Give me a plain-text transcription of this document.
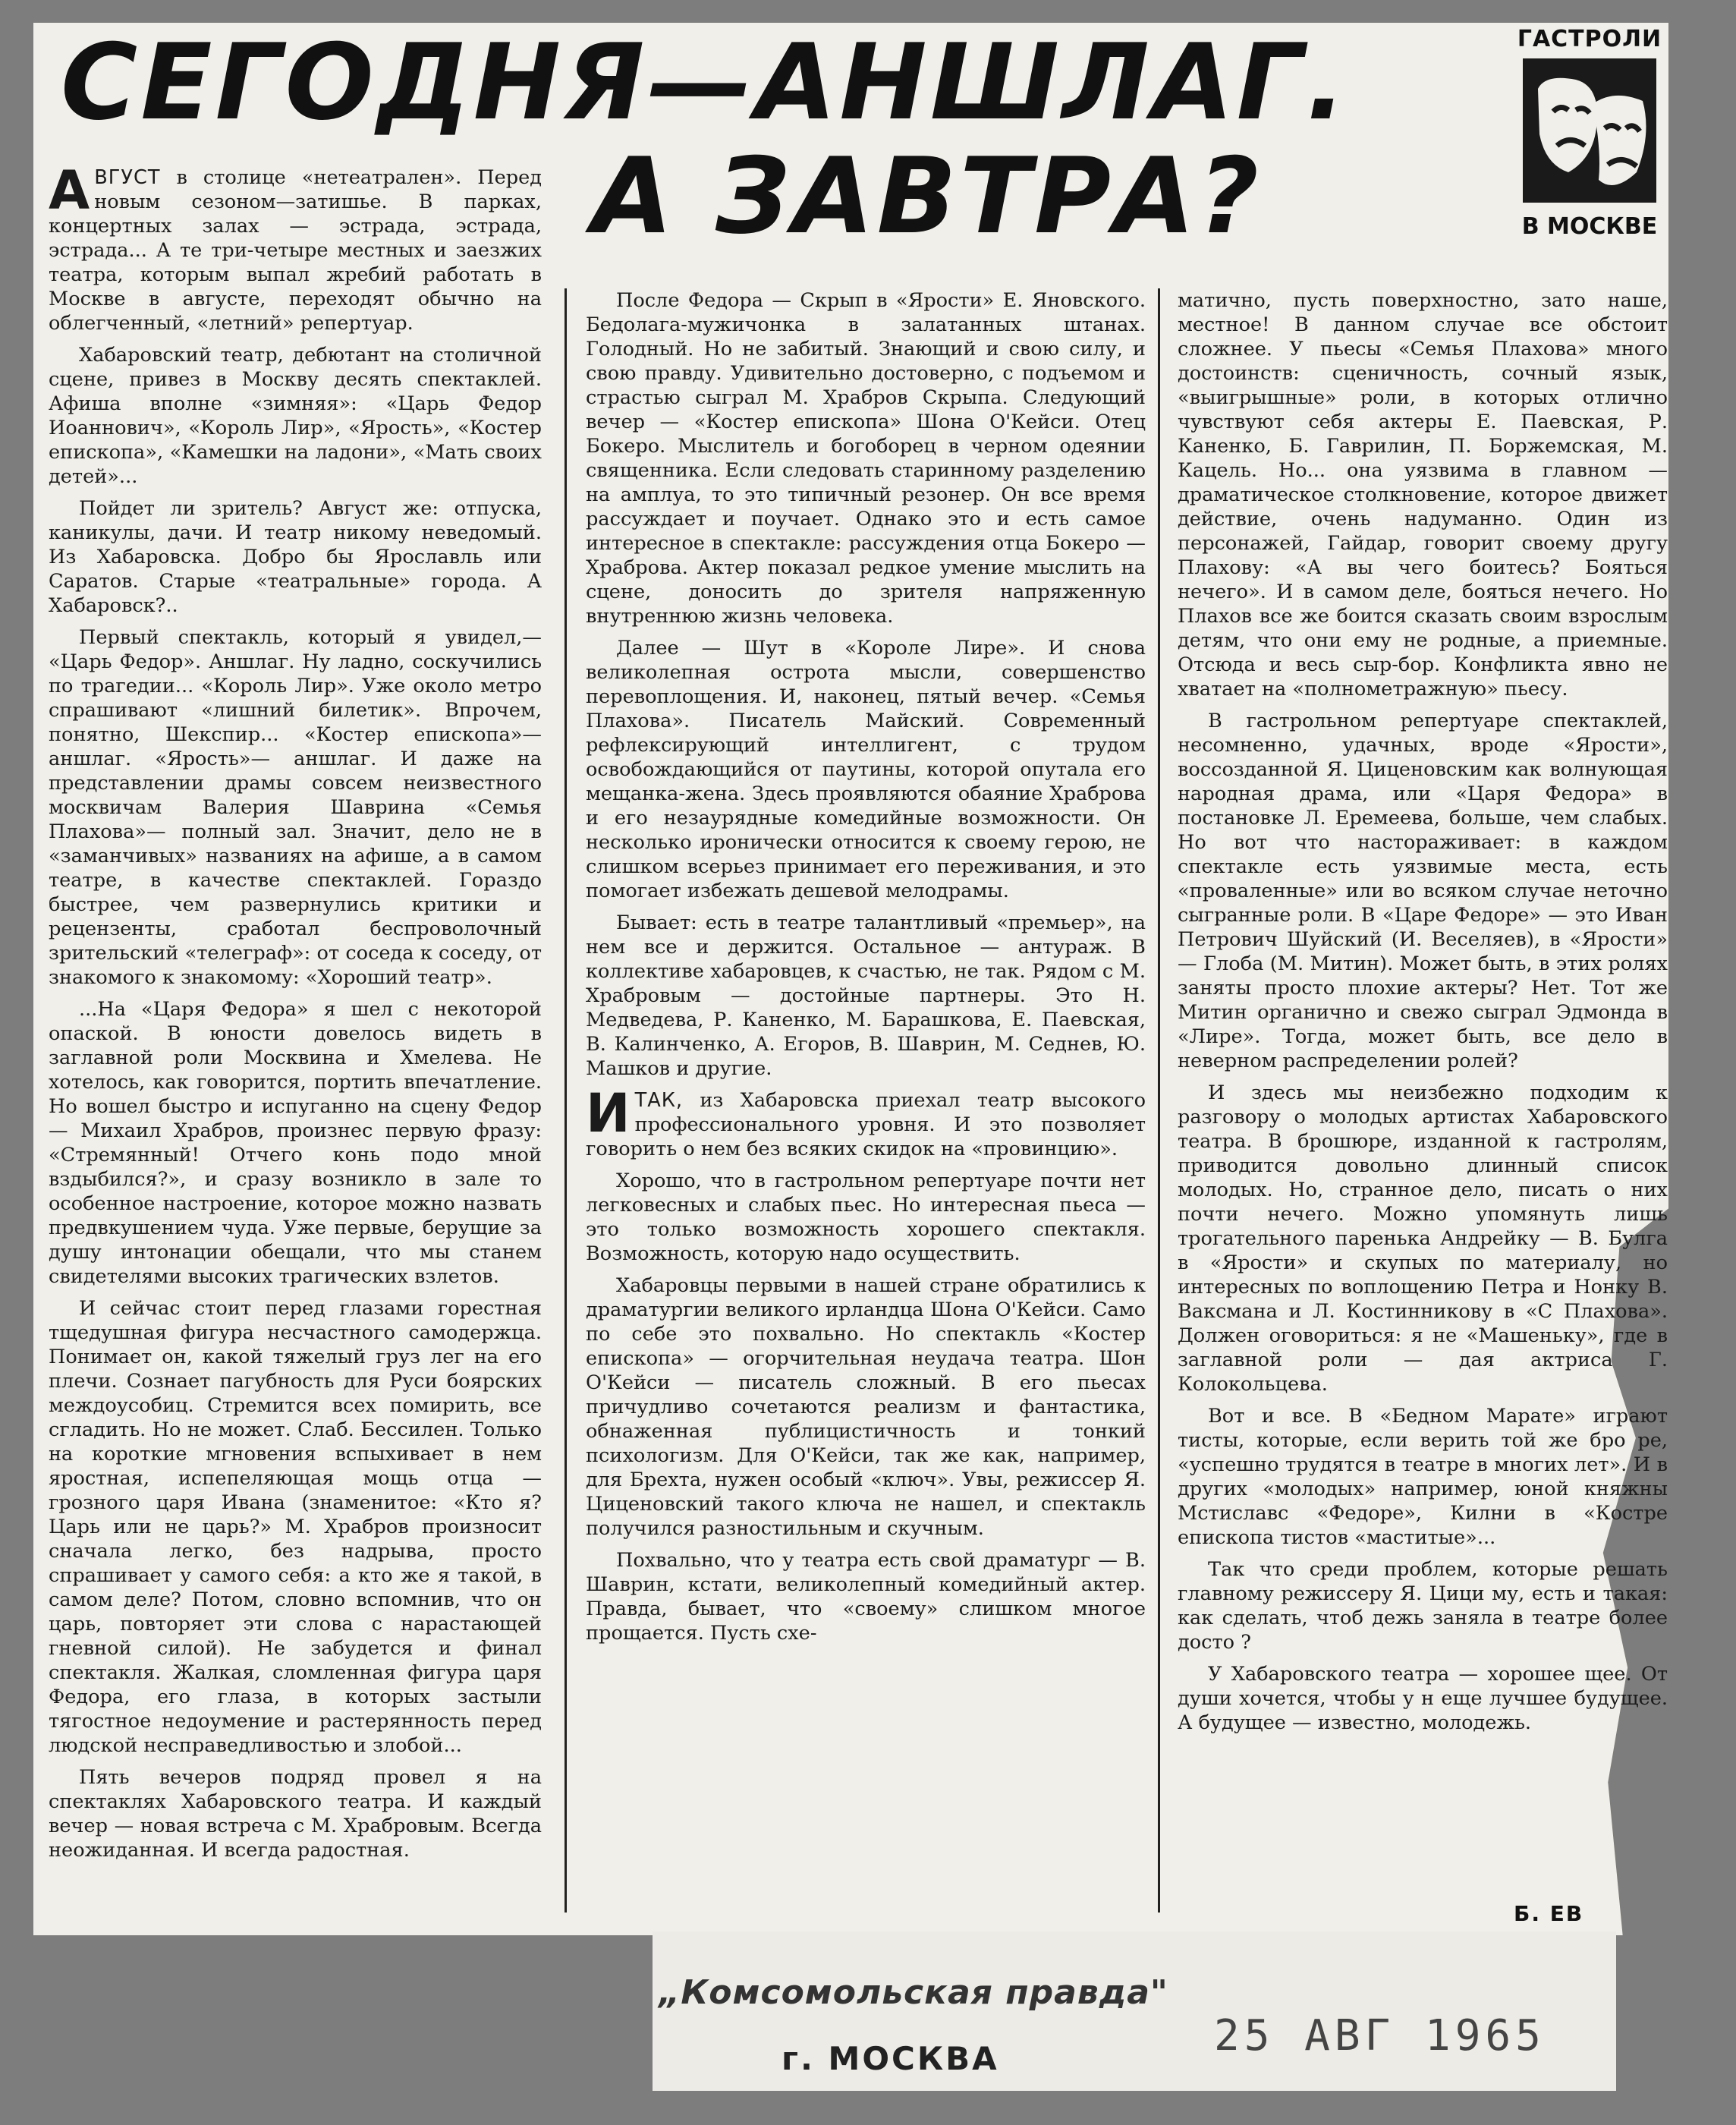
СЕГОДНЯ—АНШЛАГ.
А ЗАВТРА?
ГАСТРОЛИ
В МОСКВЕ

АВГУСТ в столице «нетеатрален». Перед новым сезоном—затишье. В парках, концертных залах — эстрада, эстрада, эстрада... А те три-четыре местных и заезжих театра, которым выпал жребий работать в Москве в августе, переходят обычно на облегченный, «летний» репертуар.

Хабаровский театр, дебютант на столичной сцене, привез в Москву десять спектаклей. Афиша вполне «зимняя»: «Царь Федор Иоаннович», «Король Лир», «Ярость», «Костер епископа», «Камешки на ладони», «Мать своих детей»...

Пойдет ли зритель? Август же: отпуска, каникулы, дачи. И театр никому неведомый. Из Хабаровска. Добро бы Ярославль или Саратов. Старые «театральные» города. А Хабаровск?..

Первый спектакль, который я увидел,— «Царь Федор». Аншлаг. Ну ладно, соскучились по трагедии... «Король Лир». Уже около метро спрашивают «лишний билетик». Впрочем, понятно, Шекспир... «Костер епископа»— аншлаг. «Ярость»— аншлаг. И даже на представлении драмы совсем неизвестного москвичам Валерия Шаврина «Семья Плахова»— полный зал. Значит, дело не в «заманчивых» названиях на афише, а в самом театре, в качестве спектаклей. Гораздо быстрее, чем развернулись критики и рецензенты, сработал беспроволочный зрительский «телеграф»: от соседа к соседу, от знакомого к знакомому: «Хороший театр».

...На «Царя Федора» я шел с некоторой опаской. В юности довелось видеть в заглавной роли Москвина и Хмелева. Не хотелось, как говорится, портить впечатление. Но вошел быстро и испуганно на сцену Федор — Михаил Храбров, произнес первую фразу: «Стремянный! Отчего конь подо мной вздыбился?», и сразу возникло в зале то особенное настроение, которое можно назвать предвкушением чуда. Уже первые, берущие за душу интонации обещали, что мы станем свидетелями высоких трагических взлетов.

И сейчас стоит перед глазами горестная тщедушная фигура несчастного самодержца. Понимает он, какой тяжелый груз лег на его плечи. Сознает пагубность для Руси боярских междоусобиц. Стремится всех помирить, все сгладить. Но не может. Слаб. Бессилен. Только на короткие мгновения вспыхивает в нем яростная, испепеляющая мощь отца — грозного царя Ивана (знаменитое: «Кто я? Царь или не царь?» М. Храбров произносит сначала легко, без надрыва, просто спрашивает у самого себя: а кто же я такой, в самом деле? Потом, словно вспомнив, что он царь, повторяет эти слова с нарастающей гневной силой). Не забудется и финал спектакля. Жалкая, сломленная фигура царя Федора, его глаза, в которых застыли тягостное недоумение и растерянность перед людской несправедливостью и злобой...

Пять вечеров подряд провел я на спектаклях Хабаровского театра. И каждый вечер — новая встреча с М. Храбровым. Всегда неожиданная. И всегда радостная.

После Федора — Скрып в «Ярости» Е. Яновского. Бедолага-мужичонка в залатанных штанах. Голодный. Но не забитый. Знающий и свою силу, и свою правду. Удивительно достоверно, с подъемом и страстью сыграл М. Храбров Скрыпа. Следующий вечер — «Костер епископа» Шона О'Кейси. Отец Бокеро. Мыслитель и богоборец в черном одеянии священника. Если следовать старинному разделению на амплуа, то это типичный резонер. Он все время рассуждает и поучает. Однако это и есть самое интересное в спектакле: рассуждения отца Бокеро — Храброва. Актер показал редкое умение мыслить на сцене, доносить до зрителя напряженную внутреннюю жизнь человека.

Далее — Шут в «Короле Лире». И снова великолепная острота мысли, совершенство перевоплощения. И, наконец, пятый вечер. «Семья Плахова». Писатель Майский. Современный рефлексирующий интеллигент, с трудом освобождающийся от паутины, которой опутала его мещанка-жена. Здесь проявляются обаяние Храброва и его незаурядные комедийные возможности. Он несколько иронически относится к своему герою, не слишком всерьез принимает его переживания, и это помогает избежать дешевой мелодрамы.

Бывает: есть в театре талантливый «премьер», на нем все и держится. Остальное — антураж. В коллективе хабаровцев, к счастью, не так. Рядом с М. Храбровым — достойные партнеры. Это Н. Медведева, Р. Каненко, М. Барашкова, Е. Паевская, В. Калинченко, А. Егоров, В. Шаврин, М. Седнев, Ю. Машков и другие.

ИТАК, из Хабаровска приехал театр высокого профессионального уровня. И это позволяет говорить о нем без всяких скидок на «провинцию».

Хорошо, что в гастрольном репертуаре почти нет легковесных и слабых пьес. Но интересная пьеса — это только возможность хорошего спектакля. Возможность, которую надо осуществить.

Хабаровцы первыми в нашей стране обратились к драматургии великого ирландца Шона О'Кейси. Само по себе это похвально. Но спектакль «Костер епископа» — огорчительная неудача театра. Шон О'Кейси — писатель сложный. В его пьесах причудливо сочетаются реализм и фантастика, обнаженная публицистичность и тонкий психологизм. Для О'Кейси, так же как, например, для Брехта, нужен особый «ключ». Увы, режиссер Я. Циценовский такого ключа не нашел, и спектакль получился разностильным и скучным.

Похвально, что у театра есть свой драматург — В. Шаврин, кстати, великолепный комедийный актер. Правда, бывает, что «своему» слишком многое прощается. Пусть схе-

матично, пусть поверхностно, зато наше, местное! В данном случае все обстоит сложнее. У пьесы «Семья Плахова» много достоинств: сценичность, сочный язык, «выигрышные» роли, в которых отлично чувствуют себя актеры Е. Паевская, Р. Каненко, Б. Гаврилин, П. Боржемская, М. Кацель. Но... она уязвима в главном — драматическое столкновение, которое движет действие, очень надуманно. Один из персонажей, Гайдар, говорит своему другу Плахову: «А вы чего боитесь? Бояться нечего». И в самом деле, бояться нечего. Но Плахов все же боится сказать своим взрослым детям, что они ему не родные, а приемные. Отсюда и весь сыр-бор. Конфликта явно не хватает на «полнометражную» пьесу.

В гастрольном репертуаре спектаклей, несомненно, удачных, вроде «Ярости», воссозданной Я. Циценовским как волнующая народная драма, или «Царя Федора» в постановке Л. Еремеева, больше, чем слабых. Но вот что настораживает: в каждом спектакле есть уязвимые места, есть «проваленные» или во всяком случае неточно сыгранные роли. В «Царе Федоре» — это Иван Петрович Шуйский (И. Веселяев), в «Ярости» — Глоба (М. Митин). Может быть, в этих ролях заняты просто плохие актеры? Нет. Тот же Митин органично и свежо сыграл Эдмонда в «Лире». Тогда, может быть, все дело в неверном распределении ролей?

И здесь мы неизбежно подходим к разговору о молодых артистах Хабаровского театра. В брошюре, изданной к гастролям, приводится довольно длинный список молодых. Но, странное дело, писать о них почти нечего. Можно упомянуть лишь трогательного паренька Андрейку — В. Булга в «Ярости» и скупых по материалу, но интересных по воплощению Петра и Нонку В. Ваксмана и Л. Костинникову в «С Плахова». Должен оговориться: я не «Машеньку», где в заглавной роли — дая актриса Г. Колокольцева.

Вот и все. В «Бедном Марате» играют тисты, которые, если верить той же бро ре, «успешно трудятся в театре в многих лет». И в других «молодых» например, юной княжны Мстиславс «Федоре», Килни в «Костре епископа тистов «маститые»...

Так что среди проблем, которые решать главному режиссеру Я. Цици му, есть и такая: как сделать, чтоб дежь заняла в театре более досто ?

У Хабаровского театра — хорошее щее. От души хочется, чтобы у н еще лучшее будущее. А будущее — известно, молодежь.

Б. ЕВ
„Комсомольская правда"
г. МОСКВА	25 АВГ 1965
